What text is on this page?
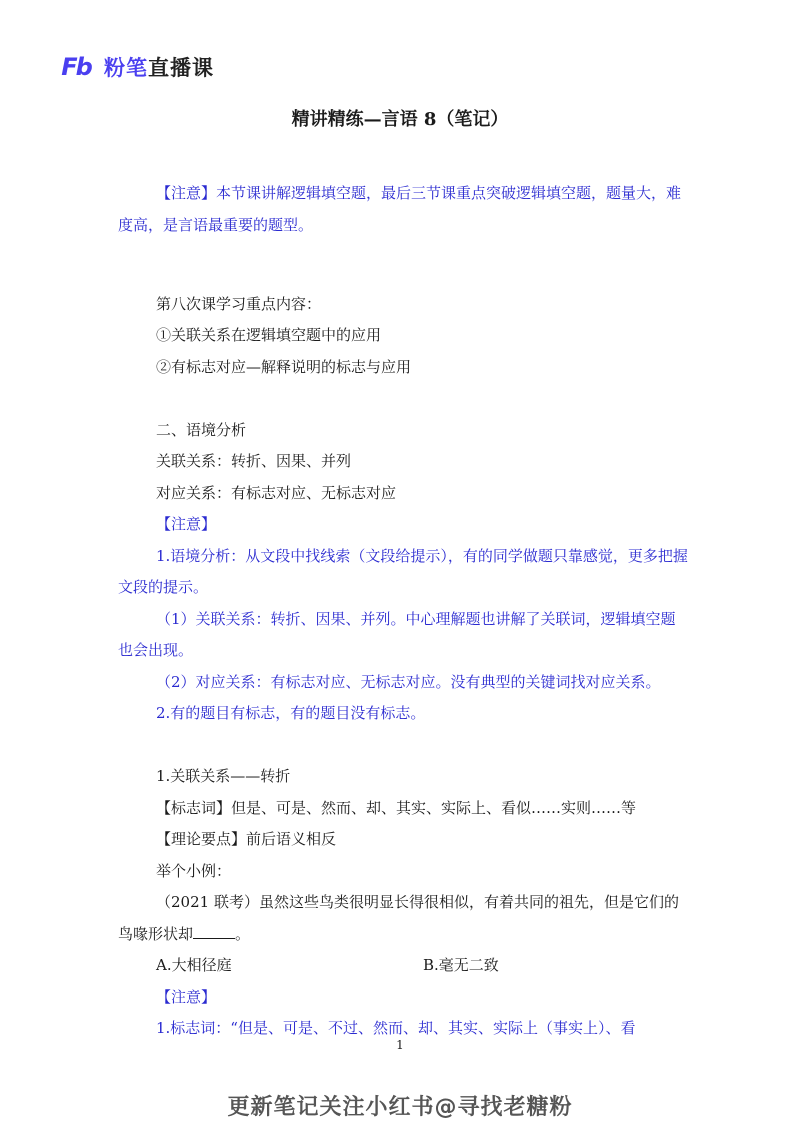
Fb 粉笔直播课
精讲精练—言语 8（笔记）

【注意】本节课讲解逻辑填空题，最后三节课重点突破逻辑填空题，题量大，难度高，是言语最重要的题型。

第八次课学习重点内容：

①关联关系在逻辑填空题中的应用

②有标志对应—解释说明的标志与应用

二、语境分析

关联关系：转折、因果、并列

对应关系：有标志对应、无标志对应

【注意】

1.语境分析：从文段中找线索（文段给提示），有的同学做题只靠感觉，更多把握文段的提示。

（1）关联关系：转折、因果、并列。中心理解题也讲解了关联词，逻辑填空题也会出现。

（2）对应关系：有标志对应、无标志对应。没有典型的关键词找对应关系。

2.有的题目有标志，有的题目没有标志。

1.关联关系——转折

【标志词】但是、可是、然而、却、其实、实际上、看似……实则……等

【理论要点】前后语义相反

举个小例：

（2021 联考）虽然这些鸟类很明显长得很相似，有着共同的祖先，但是它们的鸟喙形状却	。

A.大相径庭	B.毫无二致

【注意】

1.标志词：“但是、可是、不过、然而、却、其实、实际上（事实上）、看

1
更新笔记关注小红书@寻找老糖粉
